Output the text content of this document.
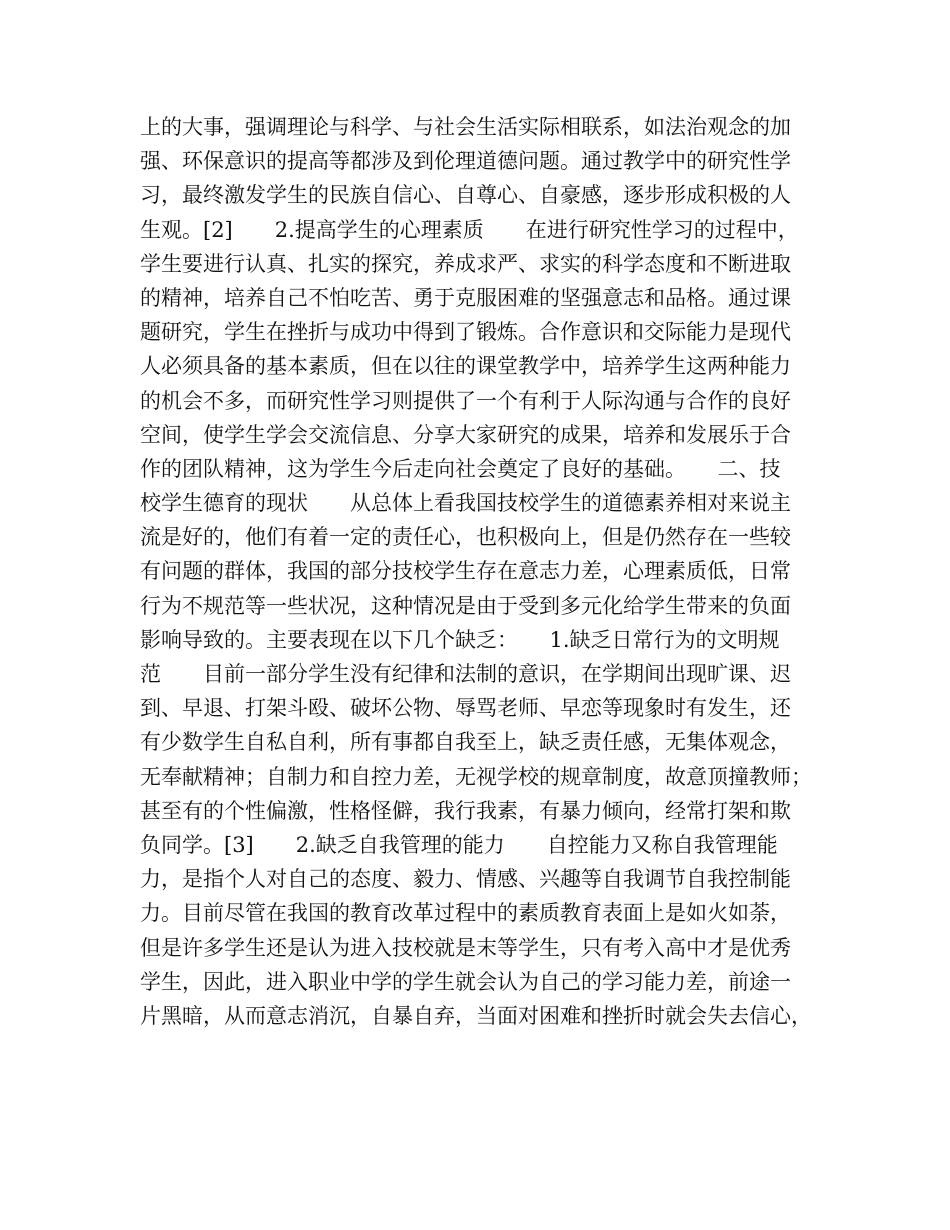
上的大事，强调理论与科学、与社会生活实际相联系，如法治观念的加
强、环保意识的提高等都涉及到伦理道德问题。通过教学中的研究性学
习，最终激发学生的民族自信心、自尊心、自豪感，逐步形成积极的人
生观。[2]　　2.提高学生的心理素质　　在进行研究性学习的过程中，
学生要进行认真、扎实的探究，养成求严、求实的科学态度和不断进取
的精神，培养自己不怕吃苦、勇于克服困难的坚强意志和品格。通过课
题研究，学生在挫折与成功中得到了锻炼。合作意识和交际能力是现代
人必须具备的基本素质，但在以往的课堂教学中，培养学生这两种能力
的机会不多，而研究性学习则提供了一个有利于人际沟通与合作的良好
空间，使学生学会交流信息、分享大家研究的成果，培养和发展乐于合
作的团队精神，这为学生今后走向社会奠定了良好的基础。　　二、技
校学生德育的现状　　从总体上看我国技校学生的道德素养相对来说主
流是好的，他们有着一定的责任心，也积极向上，但是仍然存在一些较
有问题的群体，我国的部分技校学生存在意志力差，心理素质低，日常
行为不规范等一些状况，这种情况是由于受到多元化给学生带来的负面
影响导致的。主要表现在以下几个缺乏：　　1.缺乏日常行为的文明规
范　　目前一部分学生没有纪律和法制的意识，在学期间出现旷课、迟
到、早退、打架斗殴、破坏公物、辱骂老师、早恋等现象时有发生，还
有少数学生自私自利，所有事都自我至上，缺乏责任感，无集体观念，
无奉献精神；自制力和自控力差，无视学校的规章制度，故意顶撞教师；
甚至有的个性偏激，性格怪僻，我行我素，有暴力倾向，经常打架和欺
负同学。[3]　　2.缺乏自我管理的能力　　自控能力又称自我管理能
力，是指个人对自己的态度、毅力、情感、兴趣等自我调节自我控制能
力。目前尽管在我国的教育改革过程中的素质教育表面上是如火如荼，
但是许多学生还是认为进入技校就是末等学生，只有考入高中才是优秀
学生，因此，进入职业中学的学生就会认为自己的学习能力差，前途一
片黑暗，从而意志消沉，自暴自弃，当面对困难和挫折时就会失去信心，
